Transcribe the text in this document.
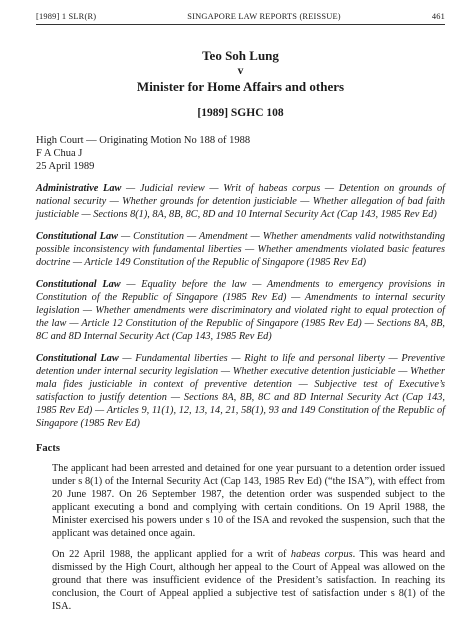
[1989] 1 SLR(R)	SINGAPORE LAW REPORTS (REISSUE)	461
Teo Soh Lung
v
Minister for Home Affairs and others
[1989] SGHC 108
High Court — Originating Motion No 188 of 1988
F A Chua J
25 April 1989
Administrative Law — Judicial review — Writ of habeas corpus — Detention on grounds of national security — Whether grounds for detention justiciable — Whether allegation of bad faith justiciable — Sections 8(1), 8A, 8B, 8C, 8D and 10 Internal Security Act (Cap 143, 1985 Rev Ed)
Constitutional Law — Constitution — Amendment — Whether amendments valid notwithstanding possible inconsistency with fundamental liberties — Whether amendments violated basic features doctrine — Article 149 Constitution of the Republic of Singapore (1985 Rev Ed)
Constitutional Law — Equality before the law — Amendments to emergency provisions in Constitution of the Republic of Singapore (1985 Rev Ed) — Amendments to internal security legislation — Whether amendments were discriminatory and violated right to equal protection of the law — Article 12 Constitution of the Republic of Singapore (1985 Rev Ed) — Sections 8A, 8B, 8C and 8D Internal Security Act (Cap 143, 1985 Rev Ed)
Constitutional Law — Fundamental liberties — Right to life and personal liberty — Preventive detention under internal security legislation — Whether executive detention justiciable — Whether mala fides justiciable in context of preventive detention — Subjective test of Executive’s satisfaction to justify detention — Sections 8A, 8B, 8C and 8D Internal Security Act (Cap 143, 1985 Rev Ed) — Articles 9, 11(1), 12, 13, 14, 21, 58(1), 93 and 149 Constitution of the Republic of Singapore (1985 Rev Ed)
Facts
The applicant had been arrested and detained for one year pursuant to a detention order issued under s 8(1) of the Internal Security Act (Cap 143, 1985 Rev Ed) (“the ISA”), with effect from 20 June 1987. On 26 September 1987, the detention order was suspended subject to the applicant executing a bond and complying with certain conditions. On 19 April 1988, the Minister exercised his powers under s 10 of the ISA and revoked the suspension, such that the applicant was detained once again.
On 22 April 1988, the applicant applied for a writ of habeas corpus. This was heard and dismissed by the High Court, although her appeal to the Court of Appeal was allowed on the ground that there was insufficient evidence of the President’s satisfaction. In reaching its conclusion, the Court of Appeal applied a subjective test of satisfaction under s 8(1) of the ISA.
